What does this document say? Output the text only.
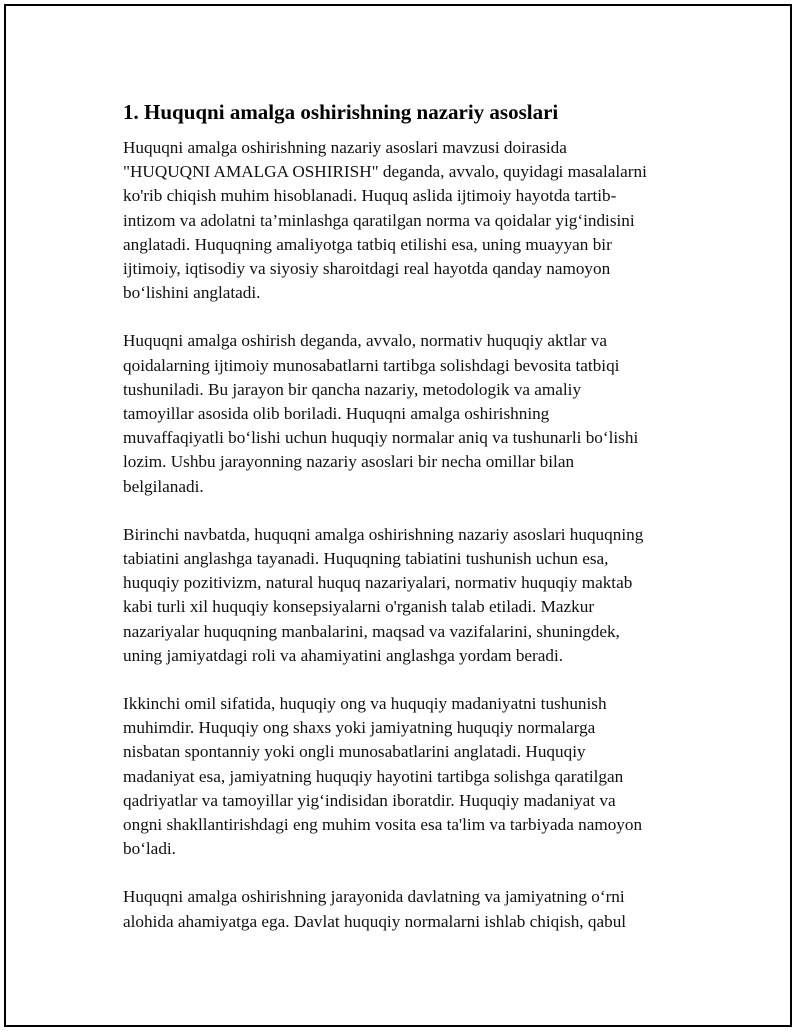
1. Huquqni amalga oshirishning nazariy asoslari

Huquqni amalga oshirishning nazariy asoslari mavzusi doirasida
"HUQUQNI AMALGA OSHIRISH" deganda, avvalo, quyidagi masalalarni
ko'rib chiqish muhim hisoblanadi. Huquq aslida ijtimoiy hayotda tartib-
intizom va adolatni ta’minlashga qaratilgan norma va qoidalar yig‘indisini
anglatadi. Huquqning amaliyotga tatbiq etilishi esa, uning muayyan bir
ijtimoiy, iqtisodiy va siyosiy sharoitdagi real hayotda qanday namoyon
bo‘lishini anglatadi.

Huquqni amalga oshirish deganda, avvalo, normativ huquqiy aktlar va
qoidalarning ijtimoiy munosabatlarni tartibga solishdagi bevosita tatbiqi
tushuniladi. Bu jarayon bir qancha nazariy, metodologik va amaliy
tamoyillar asosida olib boriladi. Huquqni amalga oshirishning
muvaffaqiyatli bo‘lishi uchun huquqiy normalar aniq va tushunarli bo‘lishi
lozim. Ushbu jarayonning nazariy asoslari bir necha omillar bilan
belgilanadi.

Birinchi navbatda, huquqni amalga oshirishning nazariy asoslari huquqning
tabiatini anglashga tayanadi. Huquqning tabiatini tushunish uchun esa,
huquqiy pozitivizm, natural huquq nazariyalari, normativ huquqiy maktab
kabi turli xil huquqiy konsepsiyalarni o'rganish talab etiladi. Mazkur
nazariyalar huquqning manbalarini, maqsad va vazifalarini, shuningdek,
uning jamiyatdagi roli va ahamiyatini anglashga yordam beradi.

Ikkinchi omil sifatida, huquqiy ong va huquqiy madaniyatni tushunish
muhimdir. Huquqiy ong shaxs yoki jamiyatning huquqiy normalarga
nisbatan spontanniy yoki ongli munosabatlarini anglatadi. Huquqiy
madaniyat esa, jamiyatning huquqiy hayotini tartibga solishga qaratilgan
qadriyatlar va tamoyillar yig‘indisidan iboratdir. Huquqiy madaniyat va
ongni shakllantirishdagi eng muhim vosita esa ta'lim va tarbiyada namoyon
bo‘ladi.

Huquqni amalga oshirishning jarayonida davlatning va jamiyatning o‘rni
alohida ahamiyatga ega. Davlat huquqiy normalarni ishlab chiqish, qabul
